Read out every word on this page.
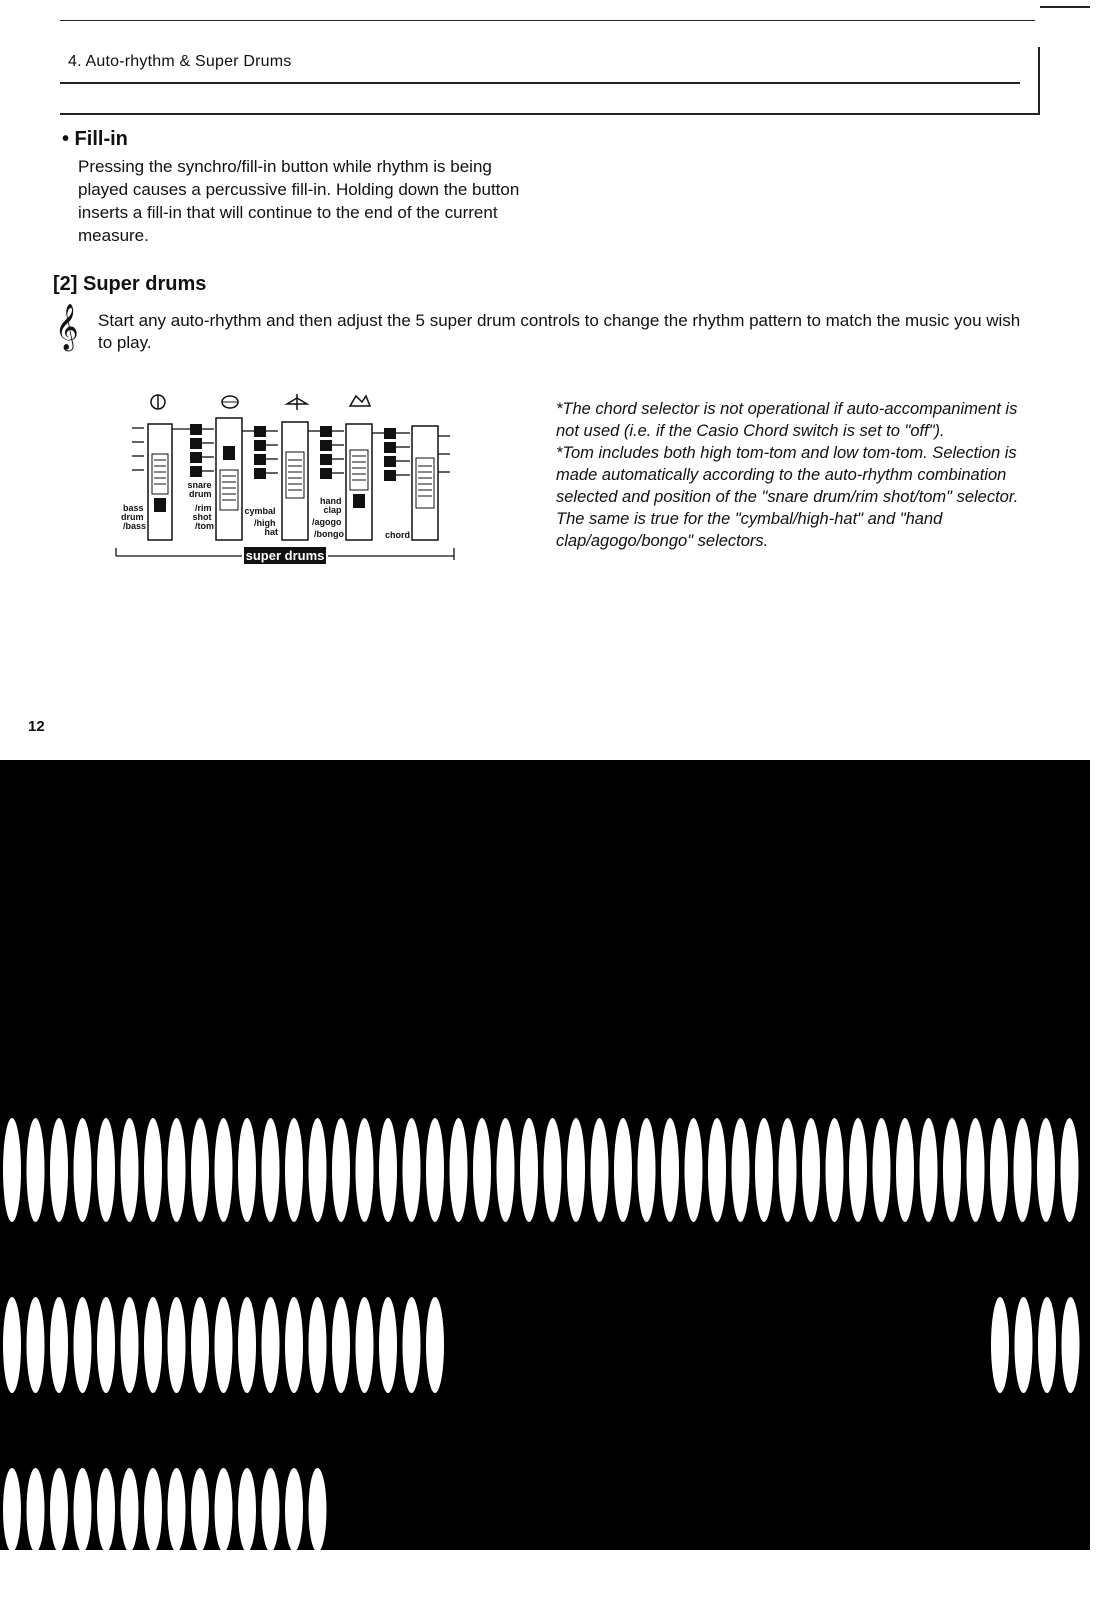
4. Auto-rhythm & Super Drums
• Fill-in
Pressing the synchro/fill-in button while rhythm is being played causes a percussive fill-in. Holding down the button inserts a fill-in that will continue to the end of the current measure.
[2] Super drums
𝄞 Start any auto-rhythm and then adjust the 5 super drum controls to change the rhythm pattern to match the music you wish to play.
bass drum /bass
snare drum /rim shot /tom
cymbal /high hat
hand clap /agogo /bongo	chord
super drums

*The chord selector is not operational if auto-accompaniment is not used (i.e. if the Casio Chord switch is set to "off").

*Tom includes both high tom-tom and low tom-tom. Selection is made automatically according to the auto-rhythm combination selected and position of the "snare drum/rim shot/tom" selector. The same is true for the "cymbal/high-hat" and "hand clap/agogo/bongo" selectors.

12
